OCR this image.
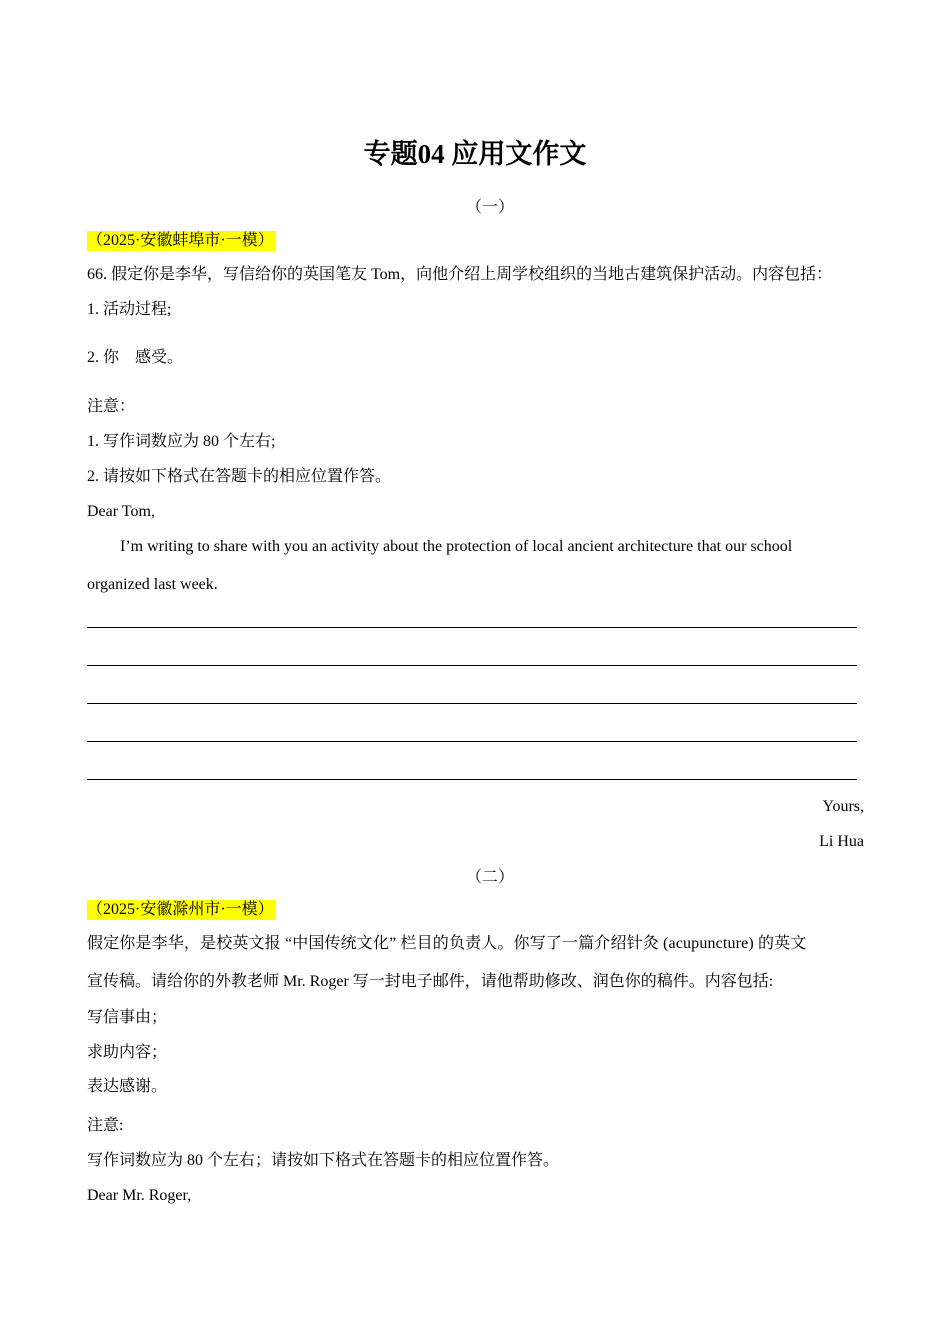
专题04 应用文作文
（一）
（2025·安徽蚌埠市·一模）
66. 假定你是李华，写信给你的英国笔友 Tom，向他介绍上周学校组织的当地古建筑保护活动。内容包括：
1. 活动过程;
2. 你　感受。
注意：
1. 写作词数应为 80 个左右;
2. 请按如下格式在答题卡的相应位置作答。
Dear Tom,
I’m writing to share with you an activity about the protection of local ancient architecture that our school
organized last week.
Yours,
Li Hua
（二）
（2025·安徽滁州市·一模）
假定你是李华，是校英文报 “中国传统文化” 栏目的负责人。你写了一篇介绍针灸 (acupuncture) 的英文
宣传稿。请给你的外教老师 Mr. Roger 写一封电子邮件，请他帮助修改、润色你的稿件。内容包括:
写信事由；
求助内容；
表达感谢。
注意:
写作词数应为 80 个左右；请按如下格式在答题卡的相应位置作答。
Dear Mr. Roger,
